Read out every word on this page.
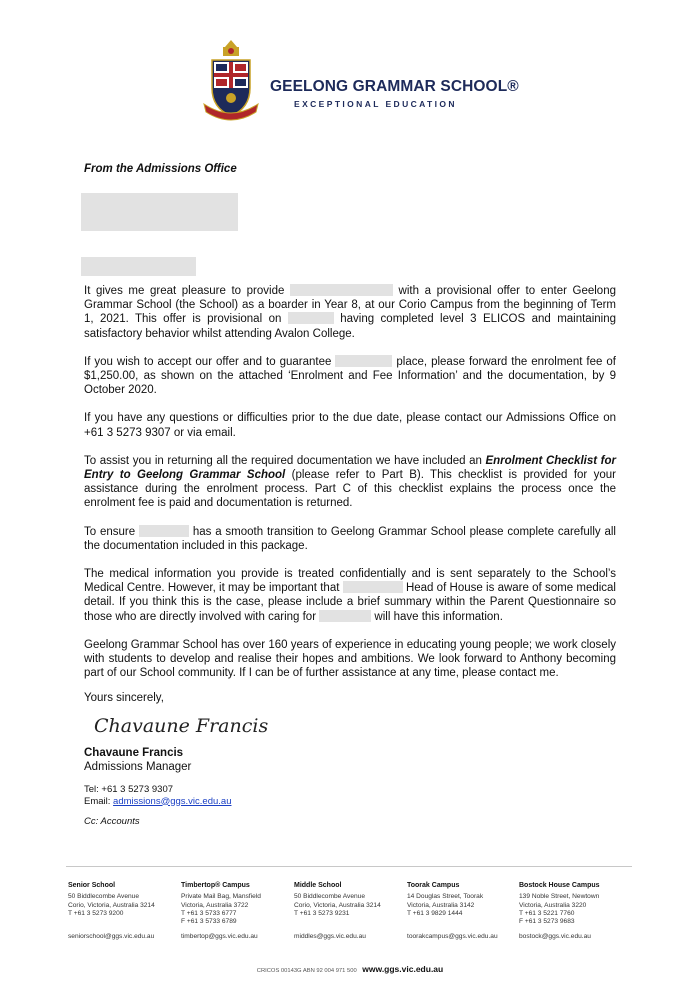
GEELONG GRAMMAR SCHOOL®
EXCEPTIONAL EDUCATION
From the Admissions Office

It gives me great pleasure to provide	with a provisional offer to enter Geelong Grammar School (the School) as a boarder in Year 8, at our Corio Campus from the beginning of Term 1, 2021. This offer is provisional on	having completed level 3 ELICOS and maintaining satisfactory behavior whilst attending Avalon College.

If you wish to accept our offer and to guarantee	place, please forward the enrolment fee of $1,250.00, as shown on the attached ‘Enrolment and Fee Information’ and the documentation, by 9 October 2020.

If you have any questions or difficulties prior to the due date, please contact our Admissions Office on +61 3 5273 9307 or via email.

To assist you in returning all the required documentation we have included an Enrolment Checklist for Entry to Geelong Grammar School (please refer to Part B). This checklist is provided for your assistance during the enrolment process. Part C of this checklist explains the process once the enrolment fee is paid and documentation is returned.

To ensure	has a smooth transition to Geelong Grammar School please complete carefully all the documentation included in this package.

The medical information you provide is treated confidentially and is sent separately to the School’s Medical Centre. However, it may be important that	Head of House is aware of some medical detail. If you think this is the case, please include a brief summary within the Parent Questionnaire so those who are directly involved with caring for	will have this information.

Geelong Grammar School has over 160 years of experience in educating young people; we work closely with students to develop and realise their hopes and ambitions. We look forward to Anthony becoming part of our School community. If I can be of further assistance at any time, please contact me.

Yours sincerely,
Chavaune Francis
Chavaune Francis
Admissions Manager
Tel: +61 3 5273 9307
Email: admissions@ggs.vic.edu.au
Cc: Accounts
Senior School
50 Biddlecombe Avenue
Corio, Victoria, Australia 3214
T +61 3 5273 9200
seniorschool@ggs.vic.edu.au
Timbertop® Campus
Private Mail Bag, Mansfield
Victoria, Australia 3722
T +61 3 5733 6777
F +61 3 5733 6789
timbertop@ggs.vic.edu.au
Middle School
50 Biddlecombe Avenue
Corio, Victoria, Australia 3214
T +61 3 5273 9231
middles@ggs.vic.edu.au
Toorak Campus
14 Douglas Street, Toorak
Victoria, Australia 3142
T +61 3 9829 1444
toorakcampus@ggs.vic.edu.au
Bostock House Campus
139 Noble Street, Newtown
Victoria, Australia 3220
T +61 3 5221 7760
F +61 3 5273 9683
bostock@ggs.vic.edu.au
CRICOS 00143G ABN 92 004 971 500 www.ggs.vic.edu.au
